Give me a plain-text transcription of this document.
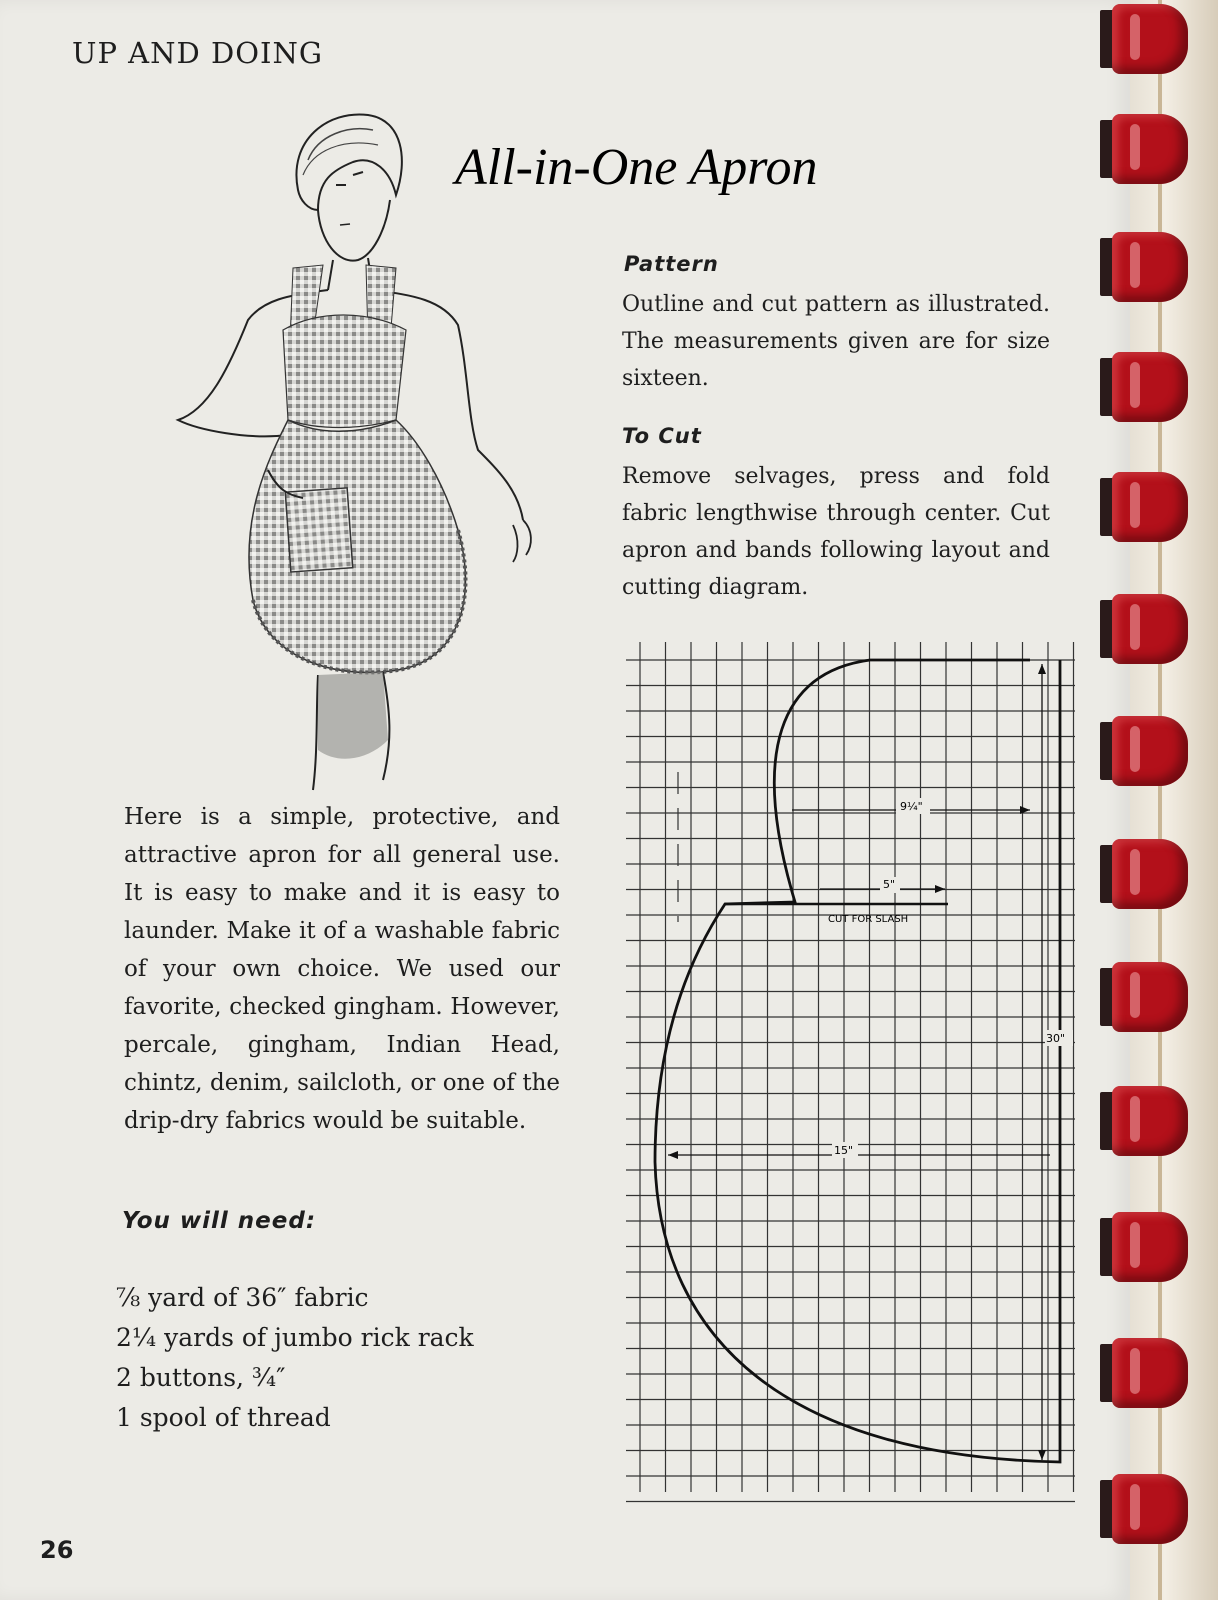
UP AND DOING
All-in-One Apron
Pattern
Outline and cut pattern as illustrated. The measurements given are for size sixteen.
To Cut
Remove selvages, press and fold fabric lengthwise through center. Cut apron and bands following layout and cutting diagram.
Here is a simple, protective, and attractive apron for all general use. It is easy to make and it is easy to launder. Make it of a washable fabric of your own choice. We used our favorite, checked gingham. However, percale, gingham, Indian Head, chintz, denim, sailcloth, or one of the drip-dry fabrics would be suitable.
You will need:
⅞ yard of 36″ fabric
2¼ yards of jumbo rick rack
2 buttons, ¾″
1 spool of thread
9¼"
5"
CUT FOR SLASH
30"
15"
26
